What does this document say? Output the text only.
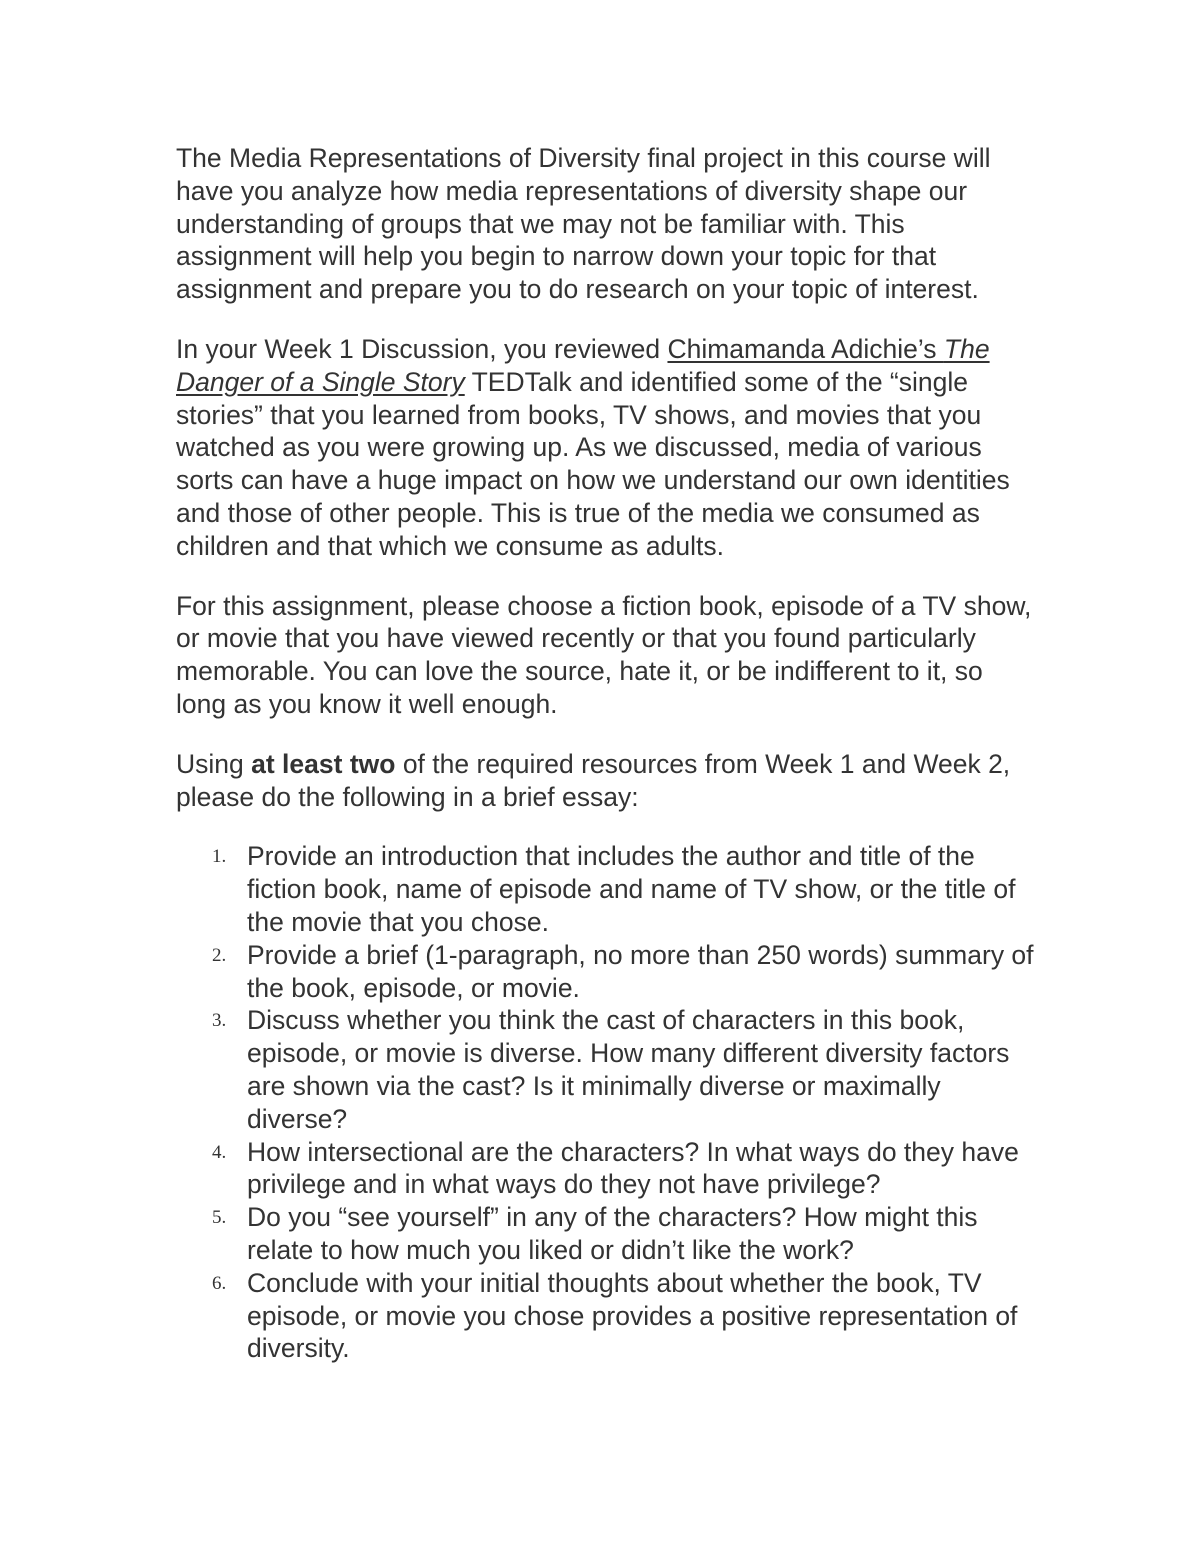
The Media Representations of Diversity final project in this course will have you analyze how media representations of diversity shape our understanding of groups that we may not be familiar with. This assignment will help you begin to narrow down your topic for that assignment and prepare you to do research on your topic of interest.

In your Week 1 Discussion, you reviewed Chimamanda Adichie’s The Danger of a Single Story TEDTalk and identified some of the “single stories” that you learned from books, TV shows, and movies that you watched as you were growing up. As we discussed, media of various sorts can have a huge impact on how we understand our own identities and those of other people. This is true of the media we consumed as children and that which we consume as adults.

For this assignment, please choose a fiction book, episode of a TV show, or movie that you have viewed recently or that you found particularly memorable. You can love the source, hate it, or be indifferent to it, so long as you know it well enough.

Using at least two of the required resources from Week 1 and Week 2, please do the following in a brief essay:

1. Provide an introduction that includes the author and title of the fiction book, name of episode and name of TV show, or the title of the movie that you chose.
2. Provide a brief (1-paragraph, no more than 250 words) summary of the book, episode, or movie.
3. Discuss whether you think the cast of characters in this book, episode, or movie is diverse. How many different diversity factors are shown via the cast? Is it minimally diverse or maximally diverse?
4. How intersectional are the characters? In what ways do they have privilege and in what ways do they not have privilege?
5. Do you “see yourself” in any of the characters? How might this relate to how much you liked or didn’t like the work?
6. Conclude with your initial thoughts about whether the book, TV episode, or movie you chose provides a positive representation of diversity.
